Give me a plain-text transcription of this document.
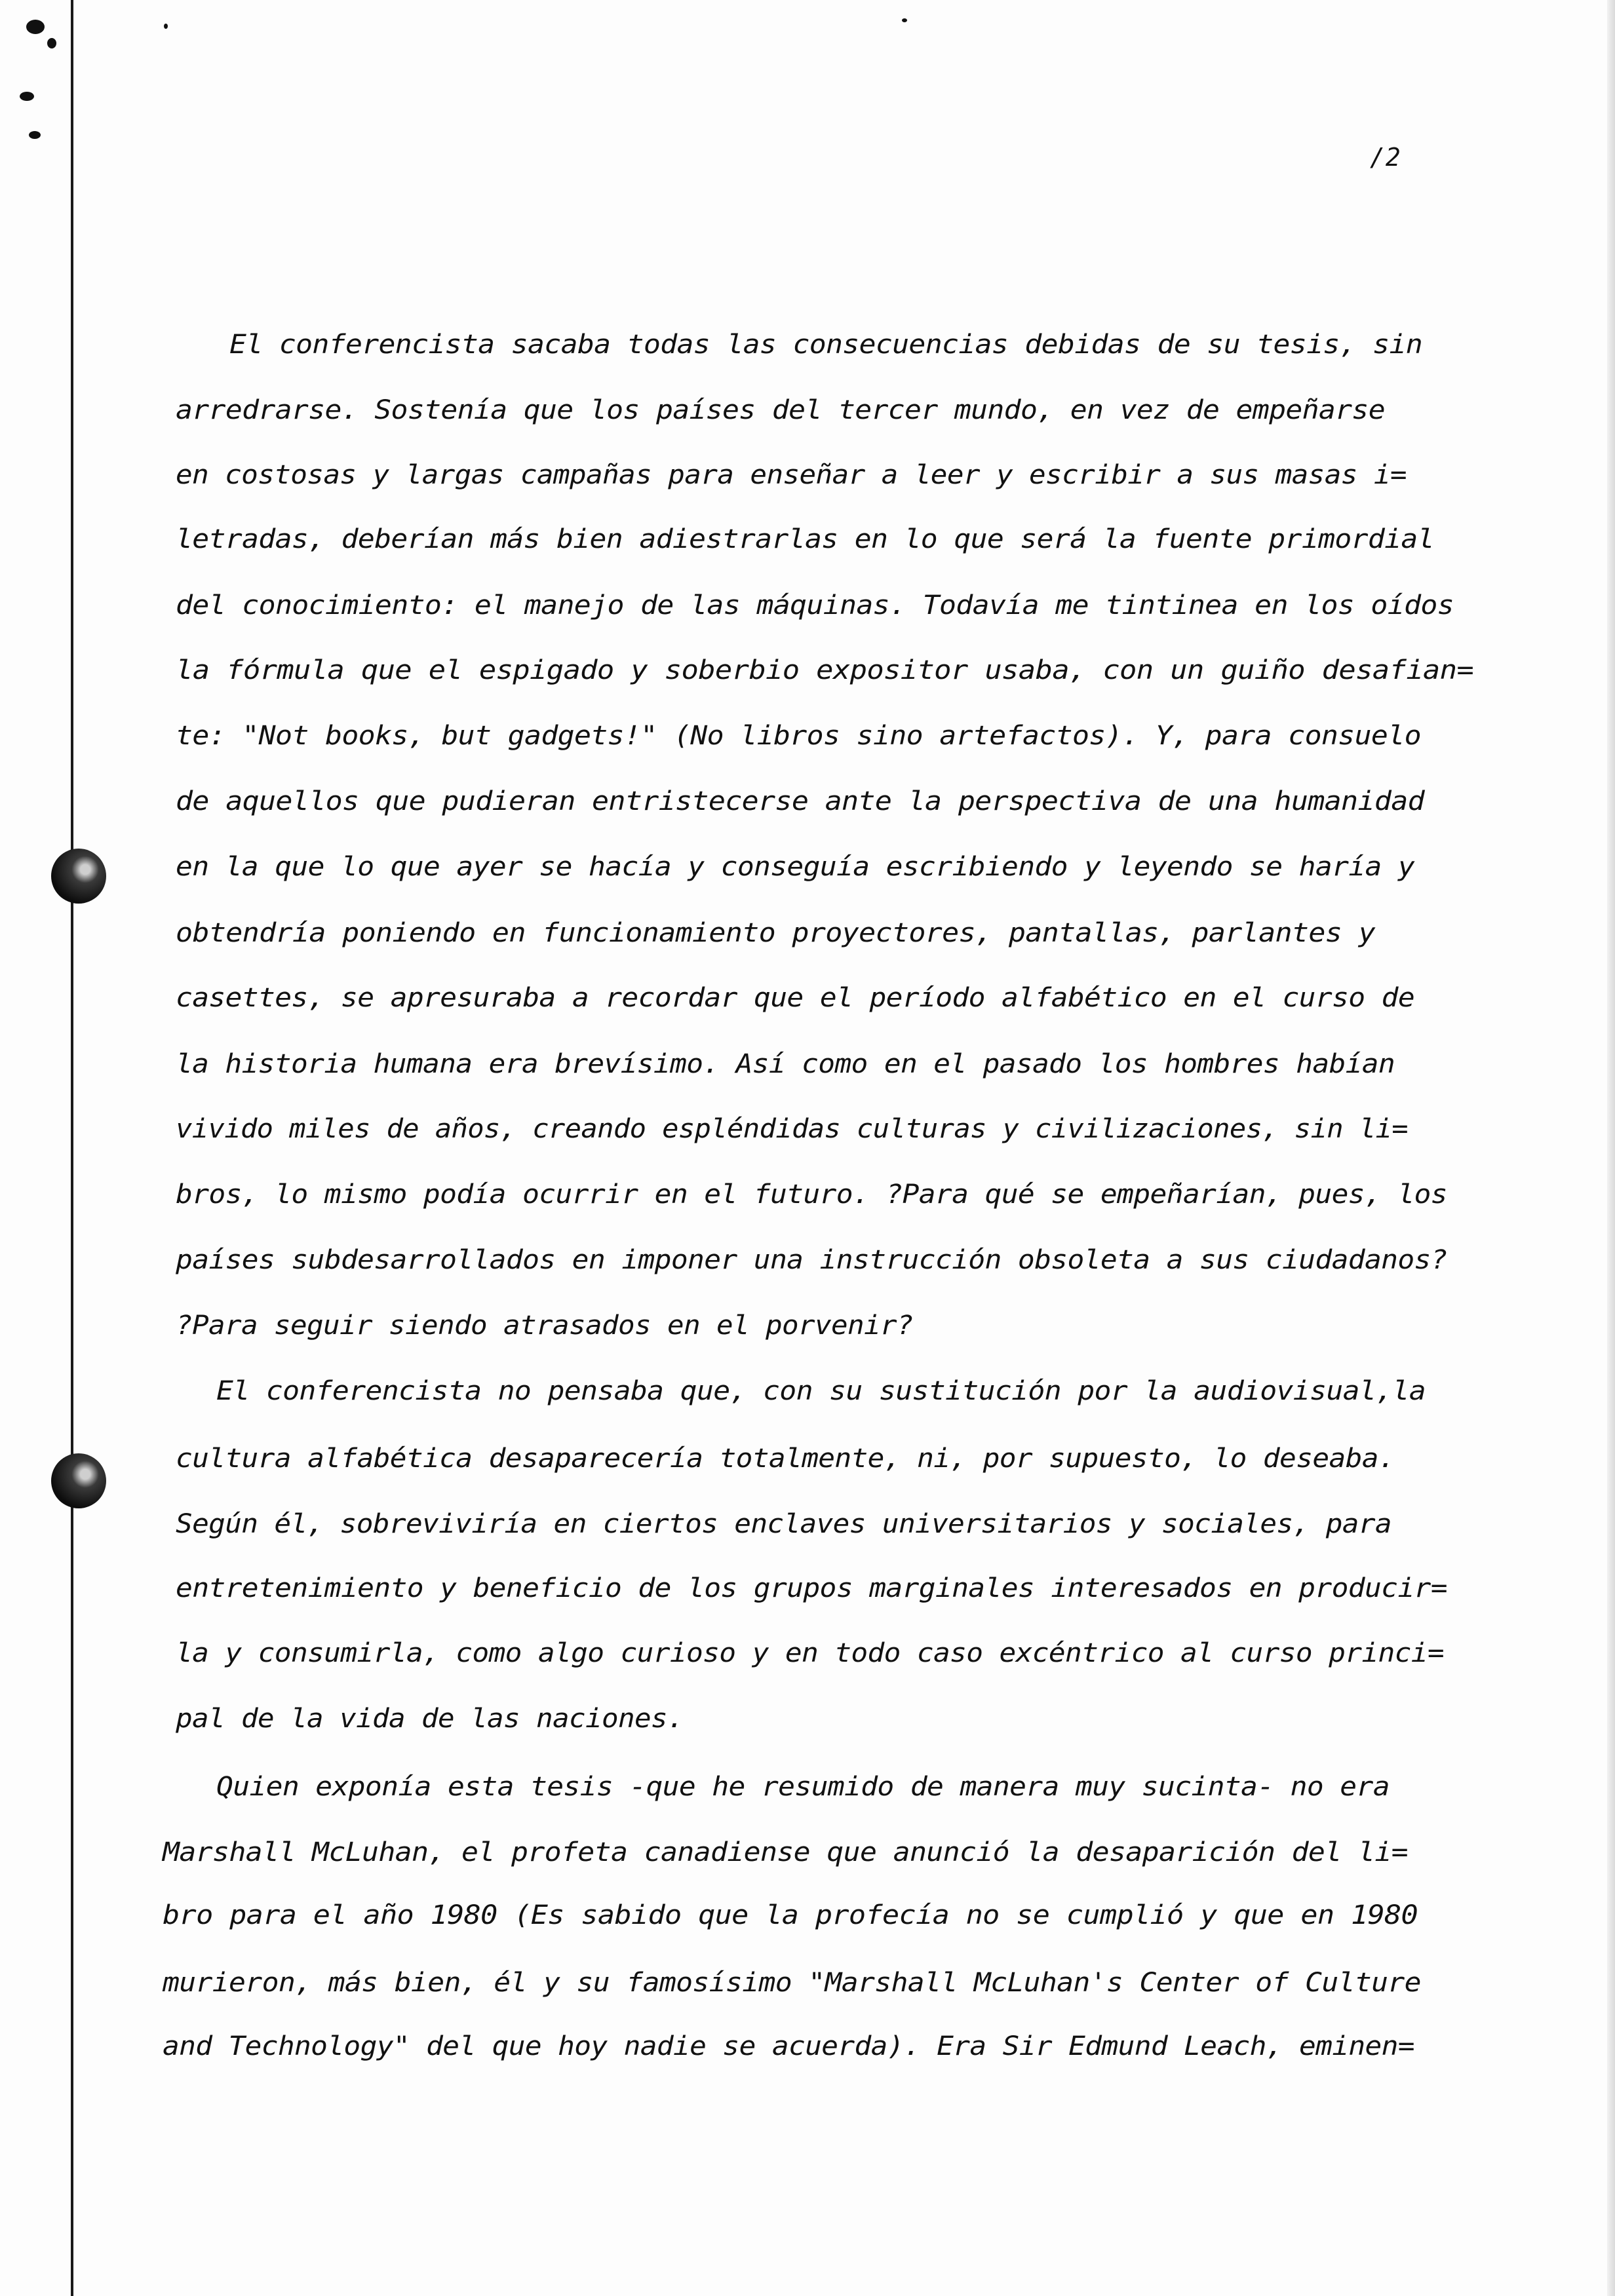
/2
El conferencista sacaba todas las consecuencias debidas de su tesis, sin
arredrarse. Sostenía que los países del tercer mundo, en vez de empeñarse
en costosas y largas campañas para enseñar a leer y escribir a sus masas i=
letradas, deberían más bien adiestrarlas en lo que será la fuente primordial
del conocimiento: el manejo de las máquinas. Todavía me tintinea en los oídos
la fórmula que el espigado y soberbio expositor usaba, con un guiño desafian=
te: "Not books, but gadgets!" (No libros sino artefactos). Y, para consuelo
de aquellos que pudieran entristecerse ante la perspectiva de una humanidad
en la que lo que ayer se hacía y conseguía escribiendo y leyendo se haría y
obtendría poniendo en funcionamiento proyectores, pantallas, parlantes y
casettes, se apresuraba a recordar que el período alfabético en el curso de
la historia humana era brevísimo. Así como en el pasado los hombres habían
vivido miles de años, creando espléndidas culturas y civilizaciones, sin li=
bros, lo mismo podía ocurrir en el futuro. ?Para qué se empeñarían, pues, los
países subdesarrollados en imponer una instrucción obsoleta a sus ciudadanos?
?Para seguir siendo atrasados en el porvenir?
El conferencista no pensaba que, con su sustitución por la audiovisual,la
cultura alfabética desaparecería totalmente, ni, por supuesto, lo deseaba.
Según él, sobreviviría en ciertos enclaves universitarios y sociales, para
entretenimiento y beneficio de los grupos marginales interesados en producir=
la y consumirla, como algo curioso y en todo caso excéntrico al curso princi=
pal de la vida de las naciones.
Quien exponía esta tesis -que he resumido de manera muy sucinta- no era
Marshall McLuhan, el profeta canadiense que anunció la desaparición del li=
bro para el año 1980 (Es sabido que la profecía no se cumplió y que en 1980
murieron, más bien, él y su famosísimo "Marshall McLuhan's Center of Culture
and Technology" del que hoy nadie se acuerda). Era Sir Edmund Leach, eminen=
